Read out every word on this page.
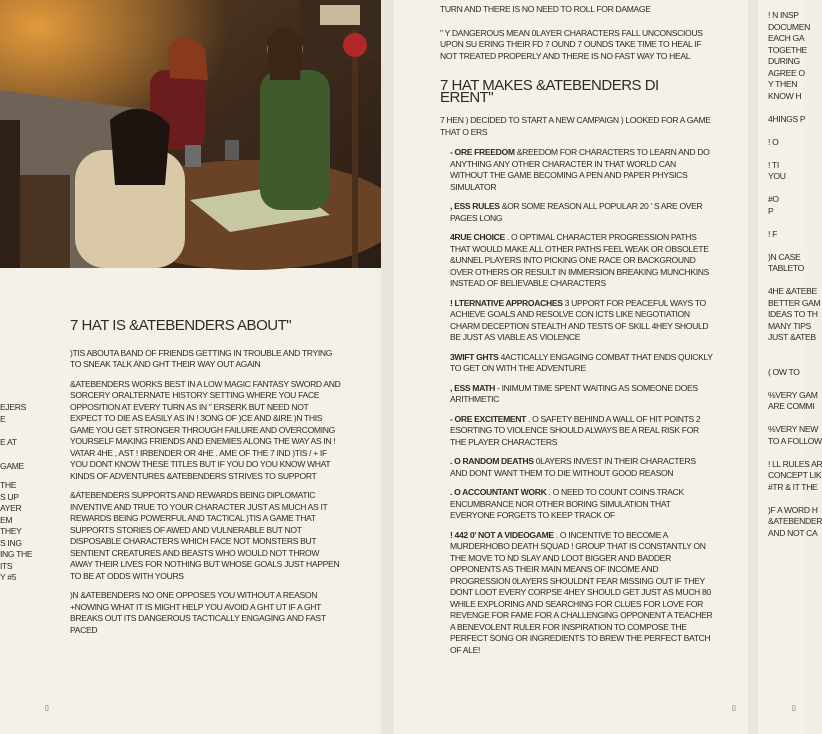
EJERS
E
E AT
GAME
THE
S UP
AYER
EM
THEY
S ING
ING THE
ITS
Y #5
7 HAT IS &ATEBENDERS ABOUT"

)TIS ABOUTA BAND OF FRIENDS GETTING IN TROUBLE AND TRYING TO SNEAK TALK AND GHT THEIR WAY OUT AGAIN

&ATEBENDERS WORKS BEST IN A LOW MAGIC FANTASY SWORD AND SORCERY ORALTERNATE HISTORY SETTING WHERE YOU FACE OPPOSITION AT EVERY TURN AS IN " ERSERK BUT NEED NOT EXPECT TO DIE AS EASILY AS IN ! 3ONG OF )CE AND &IRE )N THIS GAME YOU GET STRONGER THROUGH FAILURE AND OVERCOMING YOURSELF MAKING FRIENDS AND ENEMIES ALONG THE WAY AS IN ! VATAR 4HE , AST ! IRBENDER OR 4HE . AME OF THE 7 IND )TIS / + IF YOU DONT KNOW THESE TITLES BUT IF YOU DO YOU KNOW WHAT KINDS OF ADVENTURES &ATEBENDERS STRIVES TO SUPPORT

&ATEBENDERS SUPPORTS AND REWARDS BEING DIPLOMATIC INVENTIVE AND TRUE TO YOUR CHARACTER JUST AS MUCH AS IT REWARDS BEING POWERFUL AND TACTICAL )TIS A GAME THAT SUPPORTS STORIES OF AWED AND VULNERABLE BUT NOT DISPOSABLE CHARACTERS WHICH FACE NOT MONSTERS BUT SENTIENT CREATURES AND BEASTS WHO WOULD NOT THROW AWAY THEIR LIVES FOR NOTHING BUT WHOSE GOALS JUST HAPPEN TO BE AT ODDS WITH YOURS

)N &ATEBENDERS NO ONE OPPOSES YOU WITHOUT A REASON +NOWING WHAT IT IS MIGHT HELP YOU AVOID A GHT UT IF A GHT BREAKS OUT ITS DANGEROUS TACTICALLY ENGAGING AND FAST PACED

▯

TURN AND THERE IS NO NEED TO ROLL FOR DAMAGE

" Y DANGEROUS MEAN 0LAYER CHARACTERS FALL UNCONSCIOUS UPON SU ERING THEIR FD 7 OUND 7 OUNDS TAKE TIME TO HEAL IF NOT TREATED PROPERLY AND THERE IS NO FAST WAY TO HEAL

7 HAT MAKES &ATEBENDERS DI ERENT"

7 HEN ) DECIDED TO START A NEW CAMPAIGN ) LOOKED FOR A GAME THAT O ERS

- ORE FREEDOM &REEDOM FOR CHARACTERS TO LEARN AND DO ANYTHING ANY OTHER CHARACTER IN THAT WORLD CAN WITHOUT THE GAME BECOMING A PEN AND PAPER PHYSICS SIMULATOR

, ESS RULES &OR SOME REASON ALL POPULAR 20 ' S ARE OVER PAGES LONG

4RUE CHOICE . O OPTIMAL CHARACTER PROGRESSION PATHS THAT WOULD MAKE ALL OTHER PATHS FEEL WEAK OR OBSOLETE &UNNEL PLAYERS INTO PICKING ONE RACE OR BACKGROUND OVER OTHERS OR RESULT IN IMMERSION BREAKING MUNCHKINS INSTEAD OF BELIEVABLE CHARACTERS

! LTERNATIVE APPROACHES 3 UPPORT FOR PEACEFUL WAYS TO ACHIEVE GOALS AND RESOLVE CON ICTS LIKE NEGOTIATION CHARM DECEPTION STEALTH AND TESTS OF SKILL 4HEY SHOULD BE JUST AS VIABLE AS VIOLENCE

3WIFT GHTS 4ACTICALLY ENGAGING COMBAT THAT ENDS QUICKLY TO GET ON WITH THE ADVENTURE

, ESS MATH - INIMUM TIME SPENT WAITING AS SOMEONE DOES ARITHMETIC

- ORE EXCITEMENT . O SAFETY BEHIND A WALL OF HIT POINTS 2 ESORTING TO VIOLENCE SHOULD ALWAYS BE A REAL RISK FOR THE PLAYER CHARACTERS

. O RANDOM DEATHS 0LAYERS INVEST IN THEIR CHARACTERS AND DONT WANT THEM TO DIE WITHOUT GOOD REASON

. O ACCOUNTANT WORK . O NEED TO COUNT COINS TRACK ENCUMBRANCE NOR OTHER BORING SIMULATION THAT EVERYONE FORGETS TO KEEP TRACK OF

! 442 0' NOT A VIDEOGAME . O INCENTIVE TO BECOME A MURDERHOBO DEATH SQUAD ! GROUP THAT IS CONSTANTLY ON THE MOVE TO ND SLAY AND LOOT BIGGER AND BADDER OPPONENTS AS THEIR MAIN MEANS OF INCOME AND PROGRESSION 0LAYERS SHOULDNT FEAR MISSING OUT IF THEY DONT LOOT EVERY CORPSE 4HEY SHOULD GET JUST AS MUCH 80 WHILE EXPLORING AND SEARCHING FOR CLUES FOR LOVE FOR REVENGE FOR FAME FOR A CHALLENGING OPPONENT A TEACHER A BENEVOLENT RULER FOR INSPIRATION TO COMPOSE THE PERFECT SONG OR INGREDIENTS TO BREW THE PERFECT BATCH OF ALE!

▯
! N INSP
DOCUMEN
EACH GA
TOGETHE
DURING
AGREE O
Y THEN
KNOW H
4HINGS P
! O
! TI
YOU
#O
P
! F
)N CASE
TABLETO
4HE &ATEBE
BETTER GAM
IDEAS TO TH
MANY TIPS
JUST &ATEB
( OW TO
%VERY GAM
ARE COMMI
%VERY NEW
TO A FOLLOW
! LL RULES AR
CONCEPT LIK
#TR & IT THE
)F A WORD H
&ATEBENDER
AND NOT CA
▯
